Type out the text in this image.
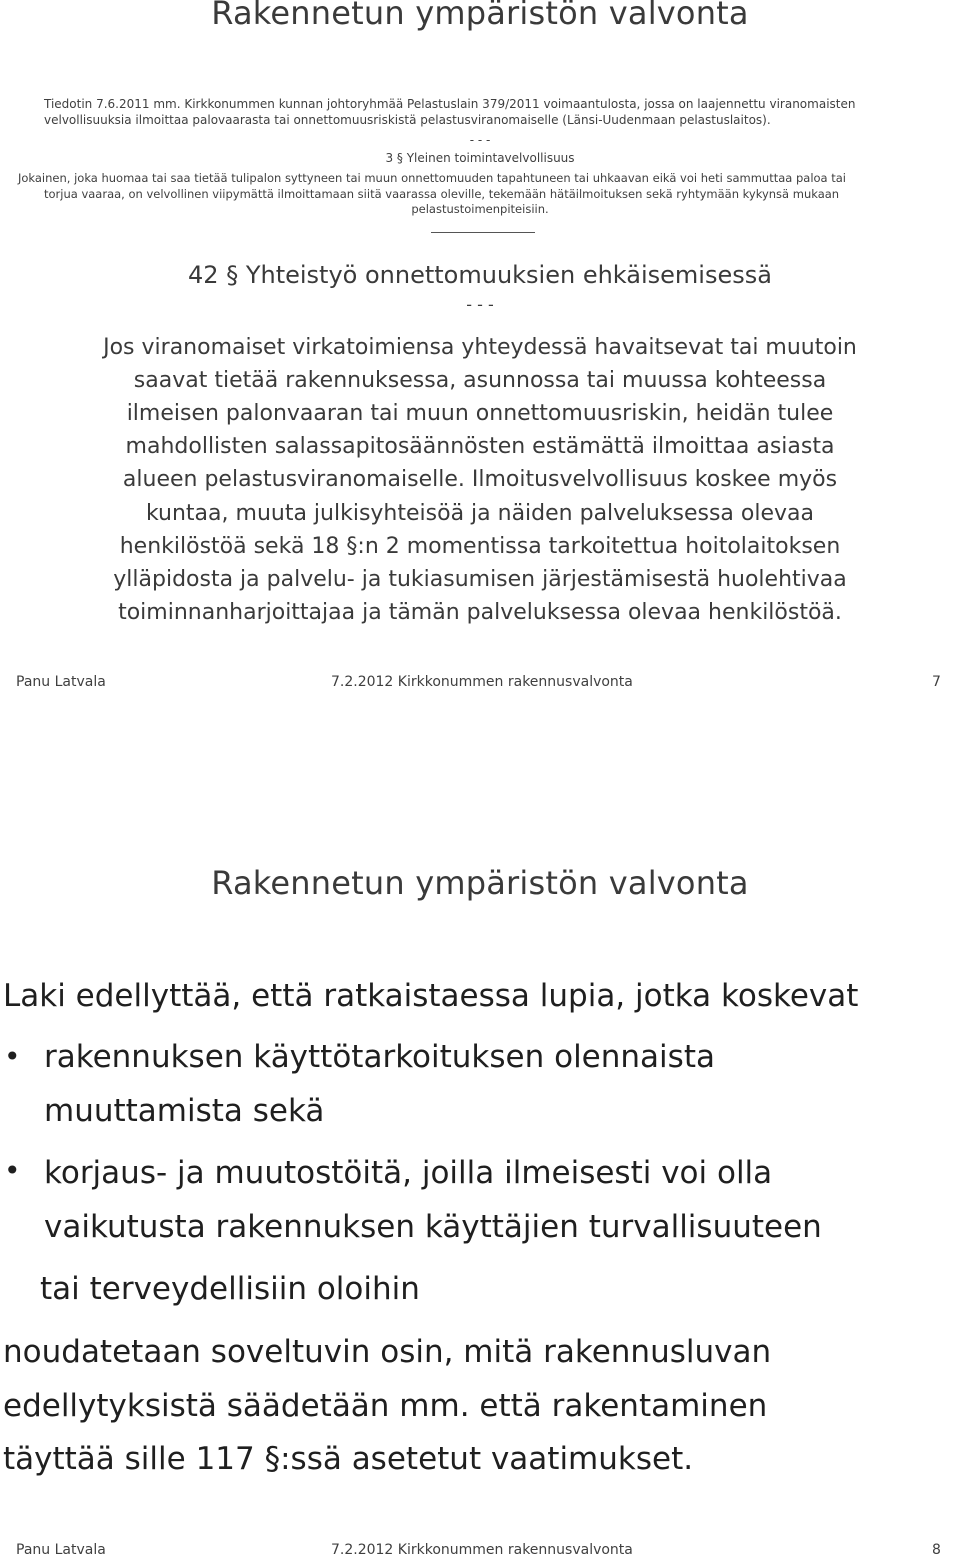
Rakennetun ympäristön valvonta
Tiedotin 7.6.2011 mm. Kirkkonummen kunnan johtoryhmää Pelastuslain 379/2011 voimaantulosta, jossa on laajennettu viranomaisten
velvollisuuksia ilmoittaa palovaarasta tai onnettomuusriskistä pelastusviranomaiselle (Länsi-Uudenmaan pelastuslaitos).
- - -
3 § Yleinen toimintavelvollisuus
Jokainen, joka huomaa tai saa tietää tulipalon syttyneen tai muun onnettomuuden tapahtuneen tai uhkaavan eikä voi heti sammuttaa paloa tai
torjua vaaraa, on velvollinen viipymättä ilmoittamaan siitä vaarassa oleville, tekemään hätäilmoituksen sekä ryhtymään kykynsä mukaan
pelastustoimenpiteisiin.
42 § Yhteistyö onnettomuuksien ehkäisemisessä
- - -
Jos viranomaiset virkatoimiensa yhteydessä havaitsevat tai muutoin
saavat tietää rakennuksessa, asunnossa tai muussa kohteessa
ilmeisen palonvaaran tai muun onnettomuusriskin, heidän tulee
mahdollisten salassapitosäännösten estämättä ilmoittaa asiasta
alueen pelastusviranomaiselle. Ilmoitusvelvollisuus koskee myös
kuntaa, muuta julkisyhteisöä ja näiden palveluksessa olevaa
henkilöstöä sekä 18 §:n 2 momentissa tarkoitettua hoitolaitoksen
ylläpidosta ja palvelu- ja tukiasumisen järjestämisestä huolehtivaa
toiminnanharjoittajaa ja tämän palveluksessa olevaa henkilöstöä.
Panu Latvala	7.2.2012 Kirkkonummen rakennusvalvonta	7
Rakennetun ympäristön valvonta
Laki edellyttää, että ratkaistaessa lupia, jotka koskevat
• rakennuksen käyttötarkoituksen olennaista
muuttamista sekä
• korjaus- ja muutostöitä, joilla ilmeisesti voi olla
vaikutusta rakennuksen käyttäjien turvallisuuteen
tai terveydellisiin oloihin
noudatetaan soveltuvin osin, mitä rakennusluvan
edellytyksistä säädetään mm. että rakentaminen
täyttää sille 117 §:ssä asetetut vaatimukset.
Panu Latvala	7.2.2012 Kirkkonummen rakennusvalvonta	8
